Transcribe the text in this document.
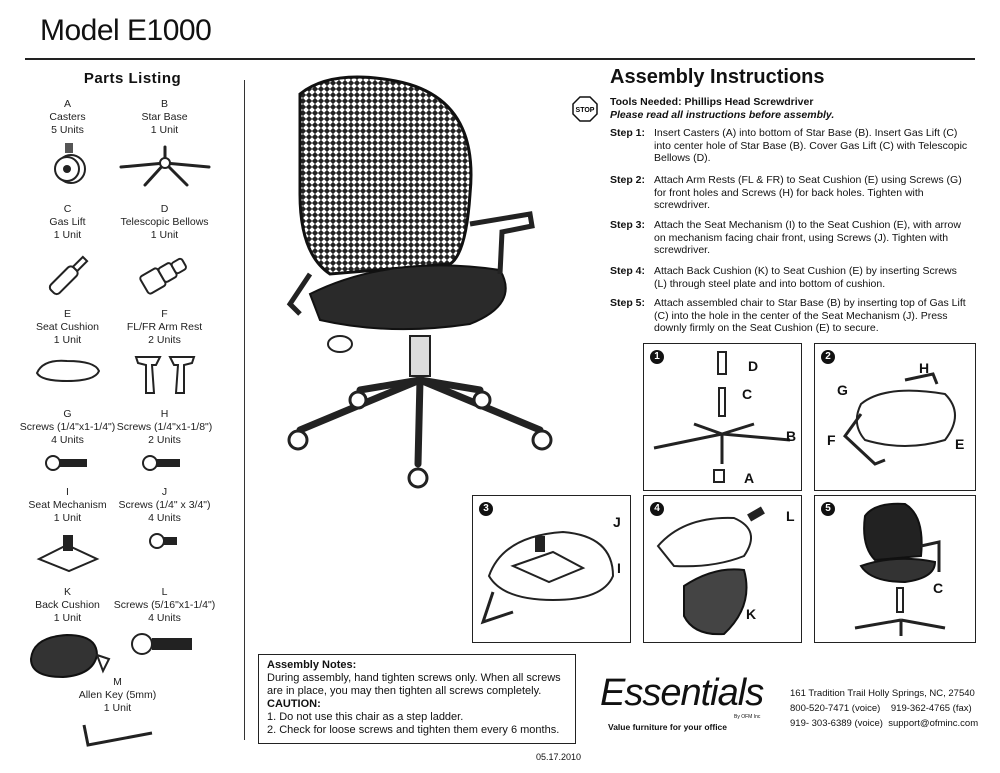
Model E1000
Parts Listing
A
Casters
5 Units
B
Star Base
1 Unit
C
Gas Lift
1 Unit
D
Telescopic Bellows
1 Unit
E
Seat Cushion
1 Unit
F
FL/FR Arm Rest
2 Units
G
Screws (1/4"x1-1/4")
4 Units
H
Screws (1/4"x1-1/8")
2 Units
I
Seat Mechanism
1 Unit
J
Screws (1/4" x 3/4")
4 Units
K
Back Cushion
1 Unit
L
Screws (5/16"x1-1/4")
4 Units
M
Allen Key (5mm)
1 Unit
Assembly Instructions
STOP
Tools Needed: Phillips Head Screwdriver
Please read all instructions before assembly.
Step 1: Insert Casters (A) into bottom of Star Base (B). Insert Gas Lift (C) into center hole of Star Base (B). Cover Gas Lift (C) with Telescopic Bellows (D).
Step 2: Attach Arm Rests (FL & FR) to Seat Cushion (E) using Screws (G) for front holes and Screws (H) for back holes. Tighten with screwdriver.
Step 3: Attach the Seat Mechanism (I) to the Seat Cushion (E), with arrow on mechanism facing chair front, using Screws (J). Tighten with screwdriver.
Step 4: Attach Back Cushion (K) to Seat Cushion (E) by inserting Screws (L) through steel plate and into bottom of cushion.
Step 5: Attach assembled chair to Star Base (B) by inserting top of Gas Lift (C) into the hole in the center of the Seat Mechanism (J). Press downly firmly on the Seat Cushion (E) to secure.
1
D
C
B
A
2
H
G
F	E
3
J
I
4	L
K
5
C
Assembly Notes:
During assembly, hand tighten screws only. When all screws are in place, you may then tighten all screws completely.
CAUTION:
1. Do not use this chair as a step ladder.
2. Check for loose screws and tighten them every 6 months.
05.17.2010
Essentials
By OFM Inc
Value furniture for your office
161 Tradition Trail Holly Springs, NC, 27540
800-520-7471 (voice) 919-362-4765 (fax)
919- 303-6389 (voice) support@ofminc.com
